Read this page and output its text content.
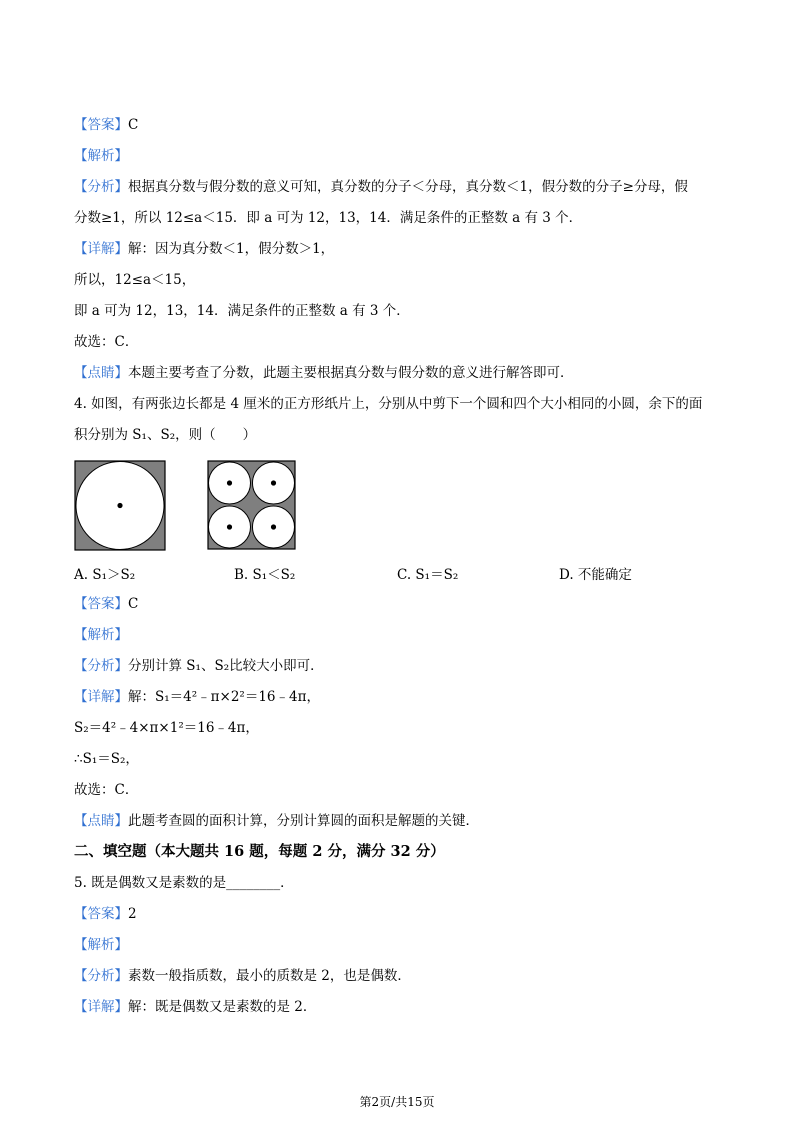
【答案】C
【解析】
【分析】根据真分数与假分数的意义可知，真分数的分子＜分母，真分数＜1，假分数的分子≥分母，假
分数≥1，所以 12≤a＜15．即 a 可为 12，13，14．满足条件的正整数 a 有 3 个．
【详解】解：因为真分数＜1，假分数＞1，
所以，12≤a＜15，
即 a 可为 12，13，14．满足条件的正整数 a 有 3 个．
故选：C．
【点睛】本题主要考查了分数，此题主要根据真分数与假分数的意义进行解答即可．
4. 如图，有两张边长都是 4 厘米的正方形纸片上，分别从中剪下一个圆和四个大小相同的小圆，余下的面
积分别为 S₁、S₂，则（　　）
A. S₁＞S₂	B. S₁＜S₂	C. S₁＝S₂	D. 不能确定
【答案】C
【解析】
【分析】分别计算 S₁、S₂比较大小即可．
【详解】解：S₁＝4²﹣π×2²＝16﹣4π，
S₂＝4²﹣4×π×1²＝16﹣4π，
∴S₁＝S₂，
故选：C．
【点睛】此题考查圆的面积计算，分别计算圆的面积是解题的关键．
二、填空题（本大题共 16 题，每题 2 分，满分 32 分）
5. 既是偶数又是素数的是________．
【答案】2
【解析】
【分析】素数一般指质数，最小的质数是 2，也是偶数．
【详解】解：既是偶数又是素数的是 2．
第2页/共15页
